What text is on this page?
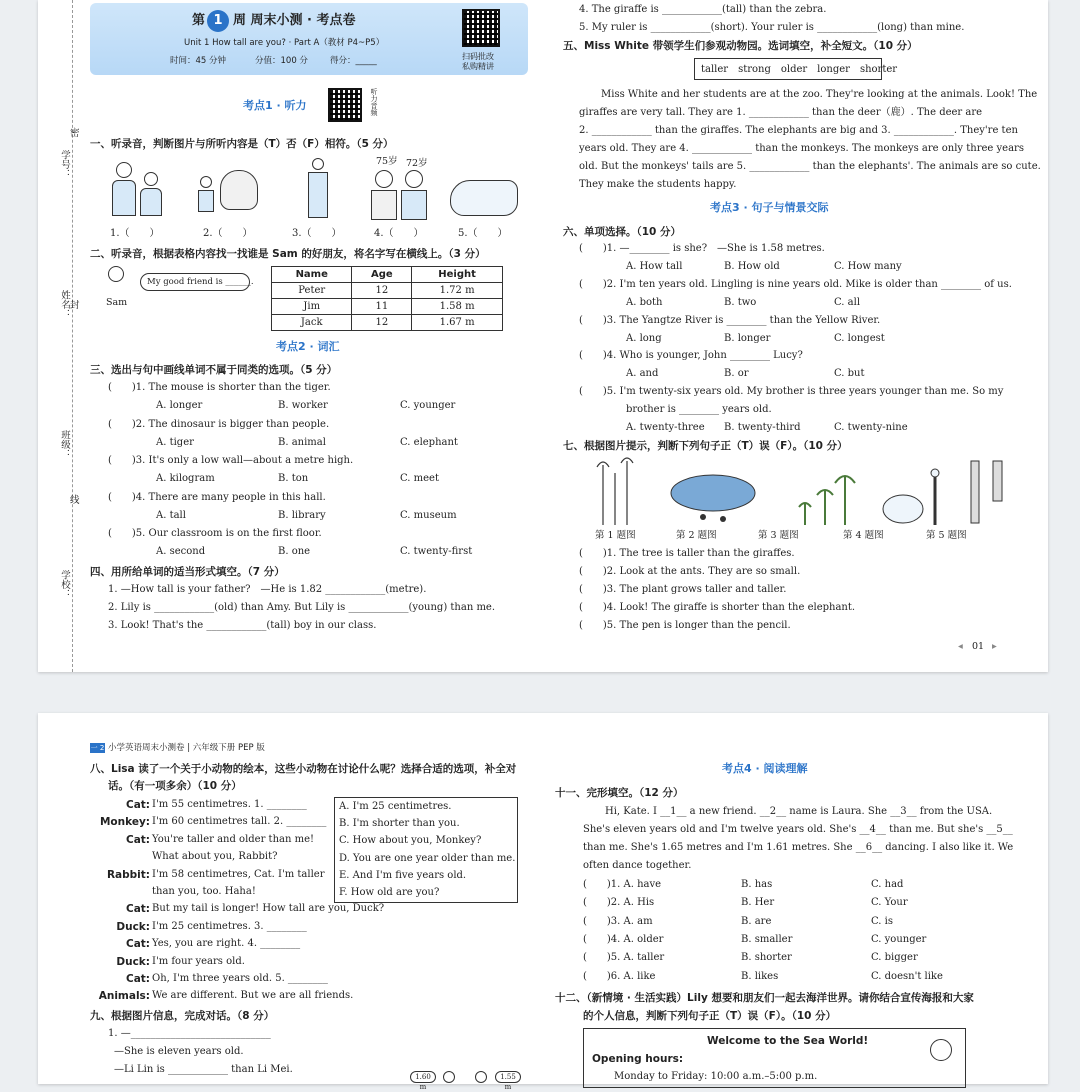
学号：
姓名：
班级：
学校：
密
封
线
第 1 周 周末小测 · 考点卷
Unit 1 How tall are you? · Part A（教材 P4~P5）
时间：45 分钟	分值：100 分	得分：_____	扫码批改
私购精讲
考点1 · 听力	听力音频
一、听录音，判断图片与所听内容是（T）否（F）相符。（5 分）
75岁 72岁
1.（　　）	2.（　　）	3.（　　）	4.（　　）	5.（　　）
二、听录音，根据表格内容找一找谁是 Sam 的好朋友，将名字写在横线上。（3 分）
Sam
My good friend is ______.
Name	Age	Height
Peter	12	1.72 m
Jim	11	1.58 m
Jack	12	1.67 m
考点2 · 词汇
三、选出与句中画线单词不属于同类的选项。（5 分）
四、用所给单词的适当形式填空。（7 分）
1. —How tall is your father?　—He is 1.82 ____________(metre).
2. Lily is ____________(old) than Amy. But Lily is ____________(young) than me.
3. Look! That's the ____________(tall) boy in our class.
4. The giraffe is ____________(tall) than the zebra.
5. My ruler is ____________(short). Your ruler is ____________(long) than mine.
五、Miss White 带领学生们参观动物园。选词填空，补全短文。（10 分）
taller　strong　older　longer　shorter
Miss White and her students are at the zoo. They're looking at the animals. Look! The
giraffes are very tall. They are 1. ____________ than the deer（鹿）. The deer are
2. ____________ than the giraffes. The elephants are big and 3. ____________. They're ten
years old. They are 4. ____________ than the monkeys. The monkeys are only three years
old. But the monkeys' tails are 5. ____________ than the elephants'. The animals are so cute.
They make the students happy.
考点3 · 句子与情景交际
六、单项选择。（10 分）
七、根据图片提示，判断下列句子正（T）误（F）。（10 分）
第 1 题图	第 2 题图	第 3 题图	第 4 题图	第 5 题图
(　　)1. The tree is taller than the giraffes.
(　　)2. Look at the ants. They are so small.
(　　)3. The plant grows taller and taller.
(　　)4. Look! The giraffe is shorter than the elephant.
(　　)5. The pen is longer than the pencil.
◂ 01 ▸
(　　)1. The mouse is shorter than the tiger.
A. longer	B. worker	C. younger
(　　)2. The dinosaur is bigger than people.
A. tiger	B. animal	C. elephant
(　　)3. It's only a low wall—about a metre high.
A. kilogram	B. ton	C. meet
(　　)4. There are many people in this hall.
A. tall	B. library	C. museum
(　　)5. Our classroom is on the first floor.
A. second	B. one	C. twenty-first
(　　)1. —________ is she?　—She is 1.58 metres.
A. How tall	B. How old	C. How many
(　　)2. I'm ten years old. Lingling is nine years old. Mike is older than ________ of us.
A. both	B. two	C. all
(　　)3. The Yangtze River is ________ than the Yellow River.
A. long	B. longer	C. longest
(　　)4. Who is younger, John ________ Lucy?
A. and	B. or	C. but
(　　)5. I'm twenty-six years old. My brother is three years younger than me. So my
brother is ________ years old.
A. twenty-three B. twenty-third	C. twenty-nine
一 2 小学英语周末小测卷 | 六年级下册 PEP 版
八、Lisa 读了一个关于小动物的绘本，这些小动物在讨论什么呢？选择合适的选项，补全对
话。（有一项多余）（10 分）
A. I'm 25 centimetres.
B. I'm shorter than you.
C. How about you, Monkey?
D. You are one year older than me.
E. And I'm five years old.
F. How old are you?
九、根据图片信息，完成对话。（8 分）
1. —____________________________
—She is eleven years old.
—Li Lin is ____________ than Li Mei.
1.60 m
1.55 m
考点4 · 阅读理解
十一、完形填空。（12 分）
Hi, Kate. I __1__ a new friend. __2__ name is Laura. She __3__ from the USA.
She's eleven years old and I'm twelve years old. She's __4__ than me. But she's __5__
than me. She's 1.65 metres and I'm 1.61 metres. She __6__ dancing. I also like it. We
often dance together.
十二、（新情境 · 生活实践）Lily 想要和朋友们一起去海洋世界。请你结合宣传海报和大家
的个人信息，判断下列句子正（T）误（F）。（10 分）
Welcome to the Sea World!
Opening hours:
Monday to Friday: 10:00 a.m.–5:00 p.m.
Cat: I'm 55 centimetres. 1. ________
Monkey: I'm 60 centimetres tall. 2. ________
Cat: You're taller and older than me!
What about you, Rabbit?
Rabbit: I'm 58 centimetres, Cat. I'm taller
than you, too. Haha!
Cat: But my tail is longer! How tall are you, Duck?
Duck: I'm 25 centimetres. 3. ________
Cat: Yes, you are right. 4. ________
Duck: I'm four years old.
Cat: Oh, I'm three years old. 5. ________
Animals: We are different. But we are all friends.
(　　)1. A. have	B. has	C. had
(　　)2. A. His	B. Her	C. Your
(　　)3. A. am	B. are	C. is
(　　)4. A. older	B. smaller	C. younger
(　　)5. A. taller	B. shorter	C. bigger
(　　)6. A. like	B. likes	C. doesn't like
